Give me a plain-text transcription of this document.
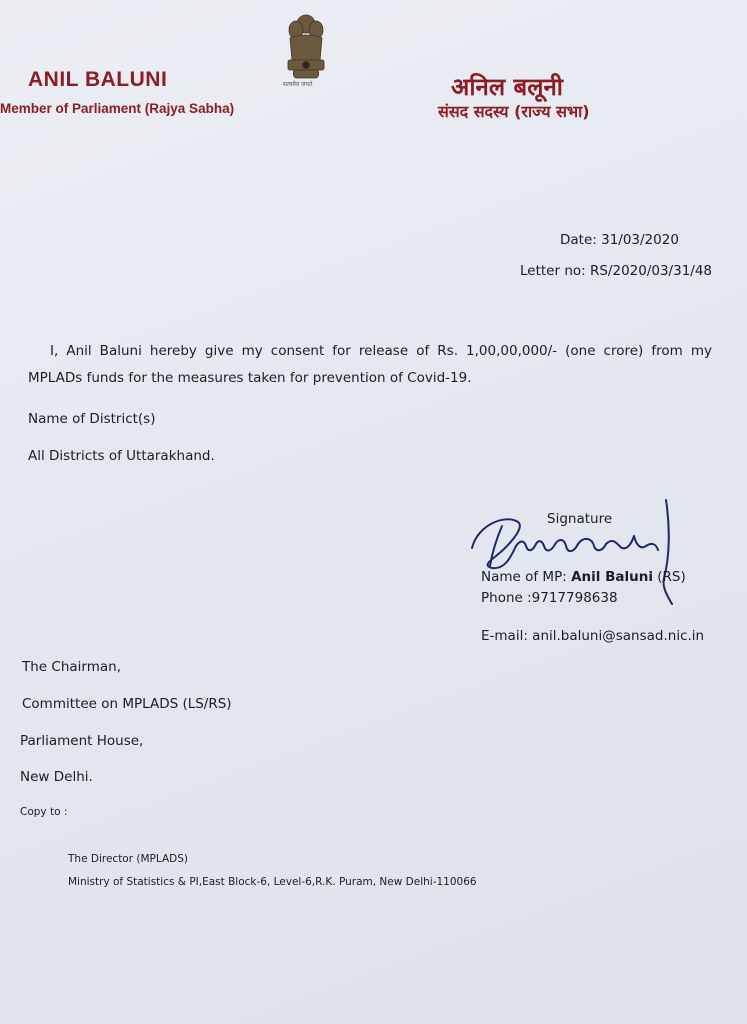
ANIL BALUNI
Member of Parliament (Rajya Sabha)
सत्यमेव जयते	अनिल बलूनी
संसद सदस्य (राज्य सभा)
Date: 31/03/2020
Letter no: RS/2020/03/31/48
I, Anil Baluni hereby give my consent for release of Rs. 1,00,00,000/- (one crore) from my MPLADs funds for the measures taken for prevention of Covid-19.
Name of District(s)
All Districts of Uttarakhand.
Signature
Name of MP: Anil Baluni (RS)
Phone :9717798638
E-mail: anil.baluni@sansad.nic.in
The Chairman,
Committee on MPLADS (LS/RS)
Parliament House,
New Delhi.
Copy to :
The Director (MPLADS)
Ministry of Statistics & PI,East Block-6, Level-6,R.K. Puram, New Delhi-110066
